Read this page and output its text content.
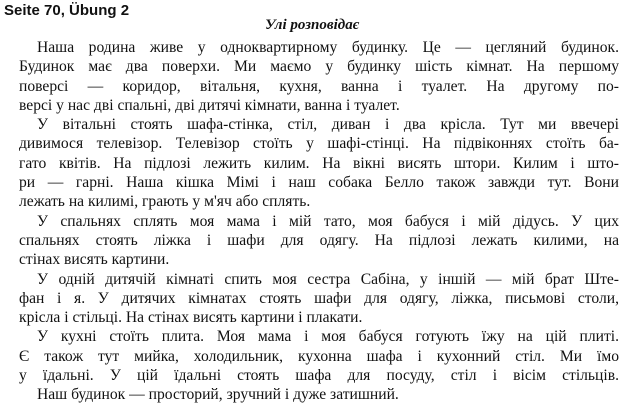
Seite 70, Übung 2
Улі розповідає
Наша родина живе у одноквартирному будинку. Це — цегляний будинок.
Будинок має два поверхи. Ми маємо у будинку шість кімнат. На першому
поверсі — коридор, вітальня, кухня, ванна і туалет. На другому по-
версі у нас дві спальні, дві дитячі кімнати, ванна і туалет.
У вітальні стоять шафа-стінка, стіл, диван і два крісла. Тут ми ввечері
дивимося телевізор. Телевізор стоїть у шафі-стінці. На підвіконнях стоїть ба-
гато квітів. На підлозі лежить килим. На вікні висять штори. Килим і што-
ри — гарні. Наша кішка Мімі і наш собака Белло також завжди тут. Вони
лежать на килимі, грають у м'яч або сплять.
У спальнях сплять моя мама і мій тато, моя бабуся і мій дідусь. У цих
спальнях стоять ліжка і шафи для одягу. На підлозі лежать килими, на
стінах висять картини.
У одній дитячій кімнаті спить моя сестра Сабіна, у іншій — мій брат Ште-
фан і я. У дитячих кімнатах стоять шафи для одягу, ліжка, письмові столи,
крісла і стільці. На стінах висять картини і плакати.
У кухні стоїть плита. Моя мама і моя бабуся готують їжу на цій плиті.
Є також тут мийка, холодильник, кухонна шафа і кухонний стіл. Ми їмо
у їдальні. У цій їдальні стоять шафа для посуду, стіл і вісім стільців.
Наш будинок — просторий, зручний і дуже затишний.
